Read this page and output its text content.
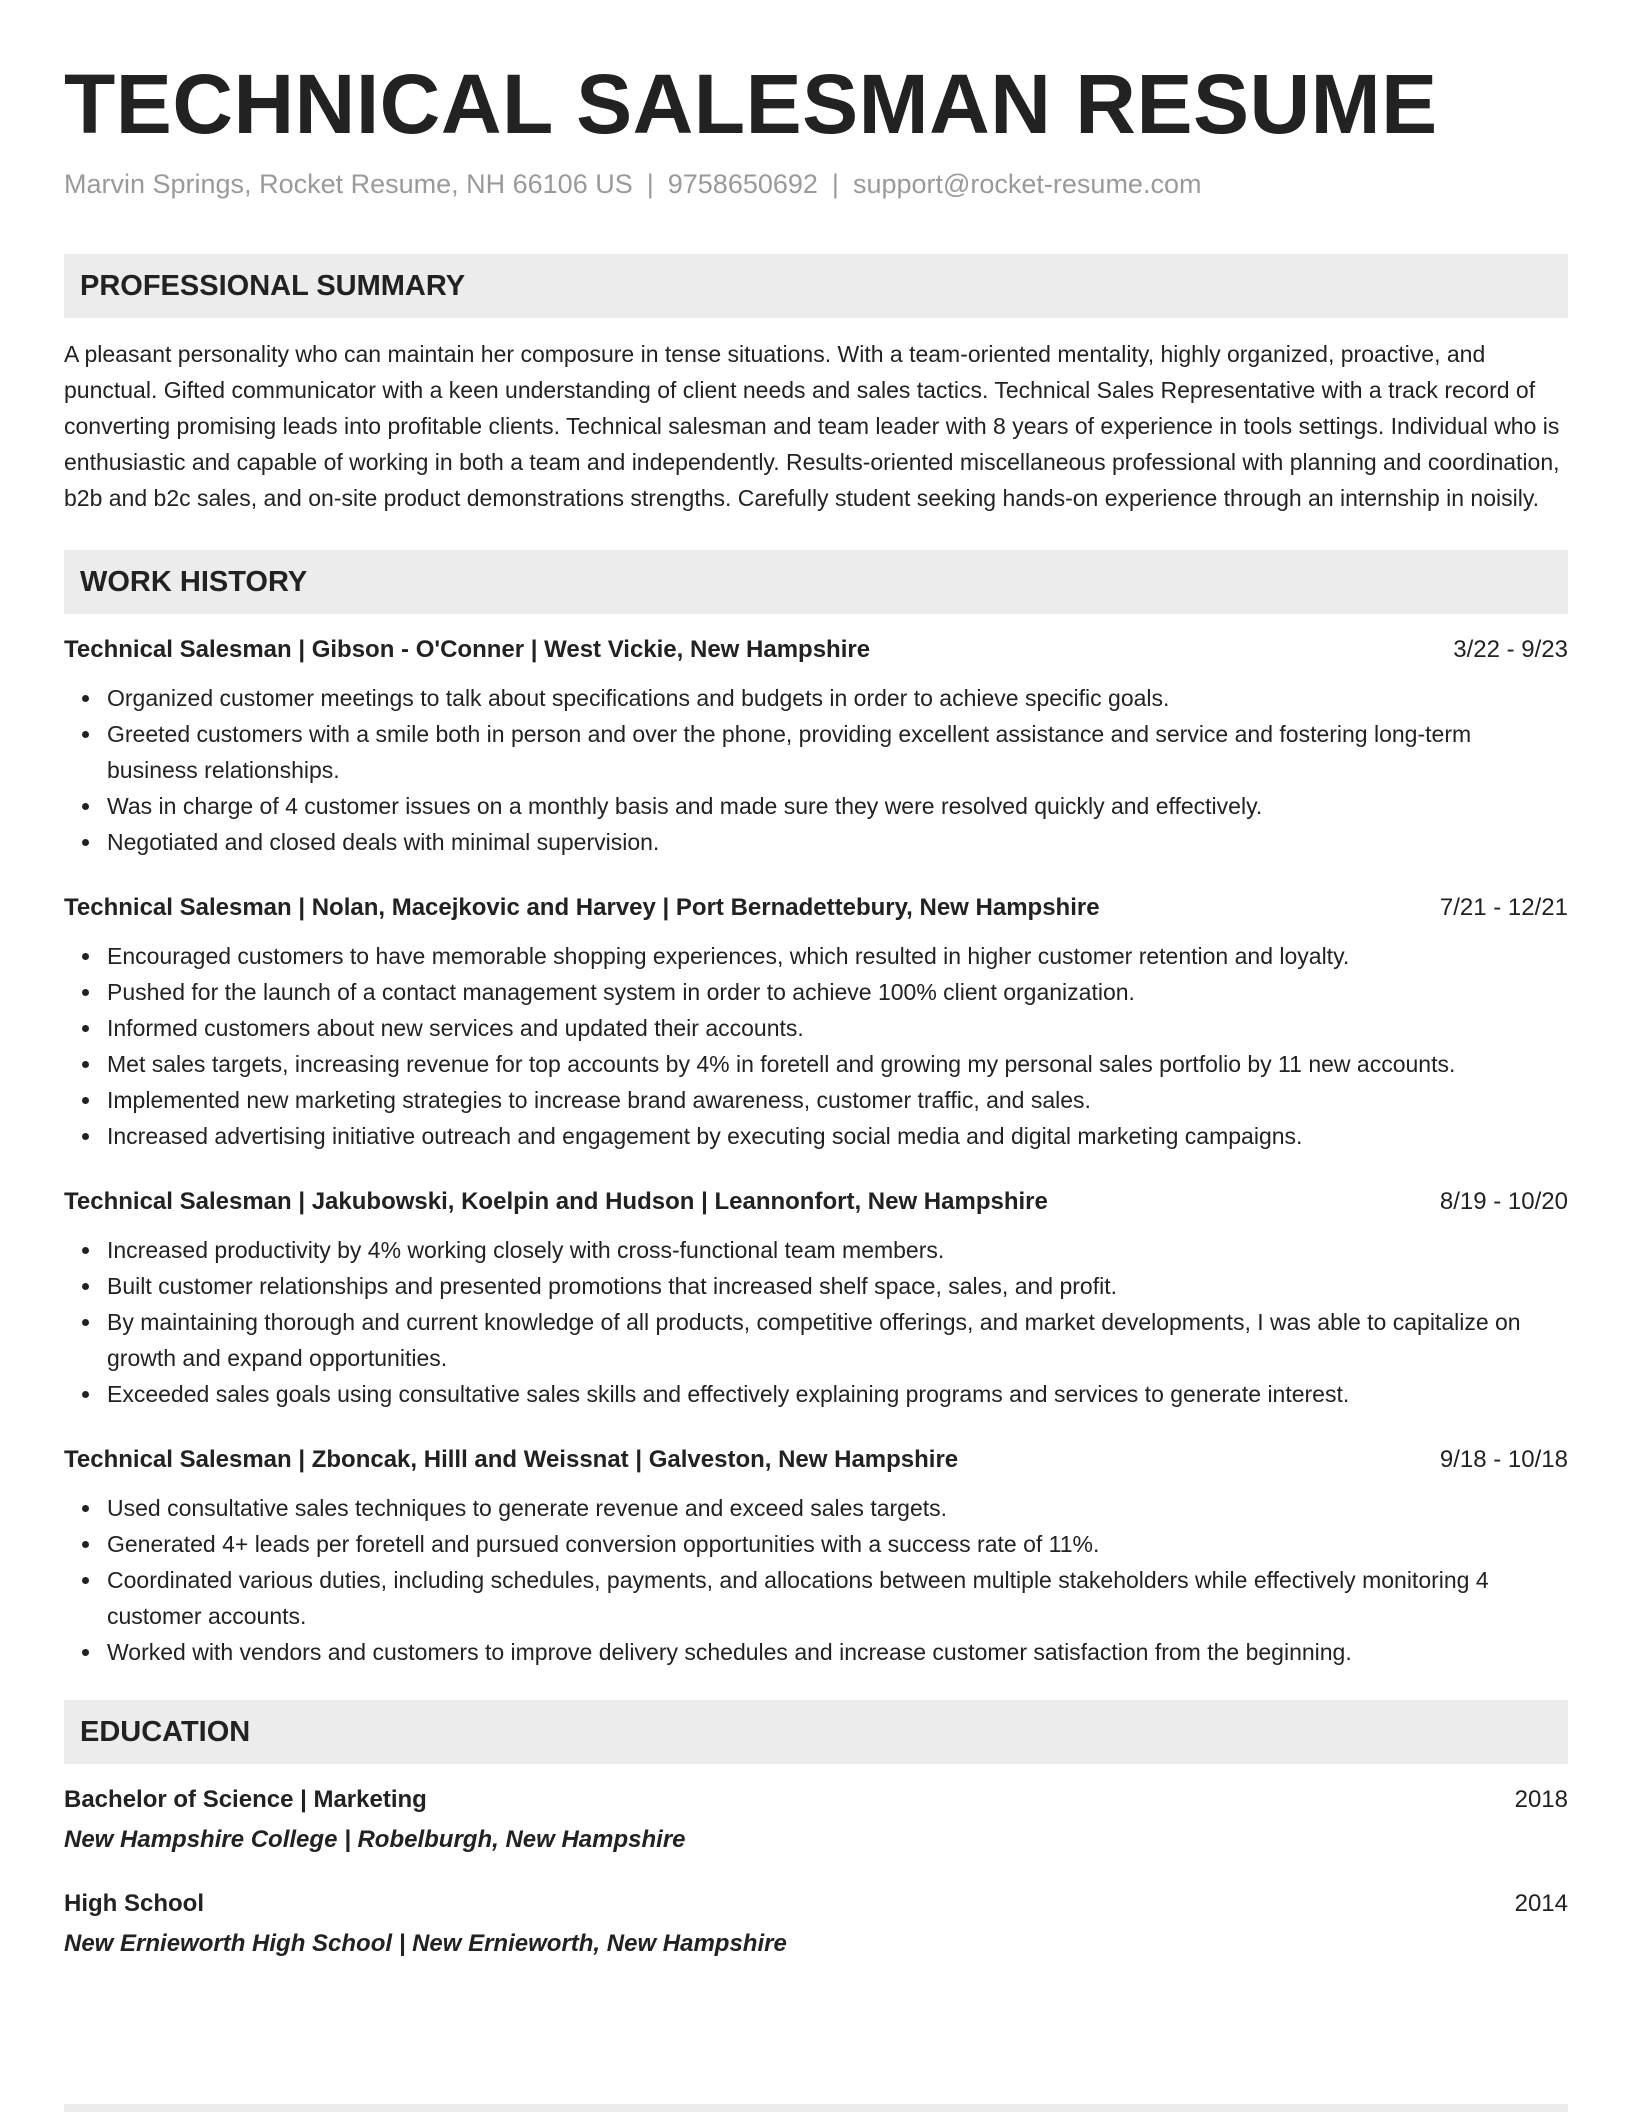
TECHNICAL SALESMAN RESUME
Marvin Springs, Rocket Resume, NH 66106 US | 9758650692 | support@rocket-resume.com
PROFESSIONAL SUMMARY

A pleasant personality who can maintain her composure in tense situations. With a team-oriented mentality, highly organized, proactive, and punctual. Gifted communicator with a keen understanding of client needs and sales tactics. Technical Sales Representative with a track record of converting promising leads into profitable clients. Technical salesman and team leader with 8 years of experience in tools settings. Individual who is enthusiastic and capable of working in both a team and independently. Results-oriented miscellaneous professional with planning and coordination, b2b and b2c sales, and on-site product demonstrations strengths. Carefully student seeking hands-on experience through an internship in noisily.

WORK HISTORY
Technical Salesman | Gibson - O'Conner | West Vickie, New Hampshire	3/22 - 9/23
Organized customer meetings to talk about specifications and budgets in order to achieve specific goals.
Greeted customers with a smile both in person and over the phone, providing excellent assistance and service and fostering long-term business relationships.
Was in charge of 4 customer issues on a monthly basis and made sure they were resolved quickly and effectively.
Negotiated and closed deals with minimal supervision.
Technical Salesman | Nolan, Macejkovic and Harvey | Port Bernadettebury, New Hampshire	7/21 - 12/21
Encouraged customers to have memorable shopping experiences, which resulted in higher customer retention and loyalty.
Pushed for the launch of a contact management system in order to achieve 100% client organization.
Informed customers about new services and updated their accounts.
Met sales targets, increasing revenue for top accounts by 4% in foretell and growing my personal sales portfolio by 11 new accounts.
Implemented new marketing strategies to increase brand awareness, customer traffic, and sales.
Increased advertising initiative outreach and engagement by executing social media and digital marketing campaigns.
Technical Salesman | Jakubowski, Koelpin and Hudson | Leannonfort, New Hampshire	8/19 - 10/20
Increased productivity by 4% working closely with cross-functional team members.
Built customer relationships and presented promotions that increased shelf space, sales, and profit.
By maintaining thorough and current knowledge of all products, competitive offerings, and market developments, I was able to capitalize on growth and expand opportunities.
Exceeded sales goals using consultative sales skills and effectively explaining programs and services to generate interest.
Technical Salesman | Zboncak, Hilll and Weissnat | Galveston, New Hampshire	9/18 - 10/18
Used consultative sales techniques to generate revenue and exceed sales targets.
Generated 4+ leads per foretell and pursued conversion opportunities with a success rate of 11%.
Coordinated various duties, including schedules, payments, and allocations between multiple stakeholders while effectively monitoring 4 customer accounts.
Worked with vendors and customers to improve delivery schedules and increase customer satisfaction from the beginning.
EDUCATION
Bachelor of Science | Marketing	2018
New Hampshire College | Robelburgh, New Hampshire
High School	2014
New Ernieworth High School | New Ernieworth, New Hampshire
